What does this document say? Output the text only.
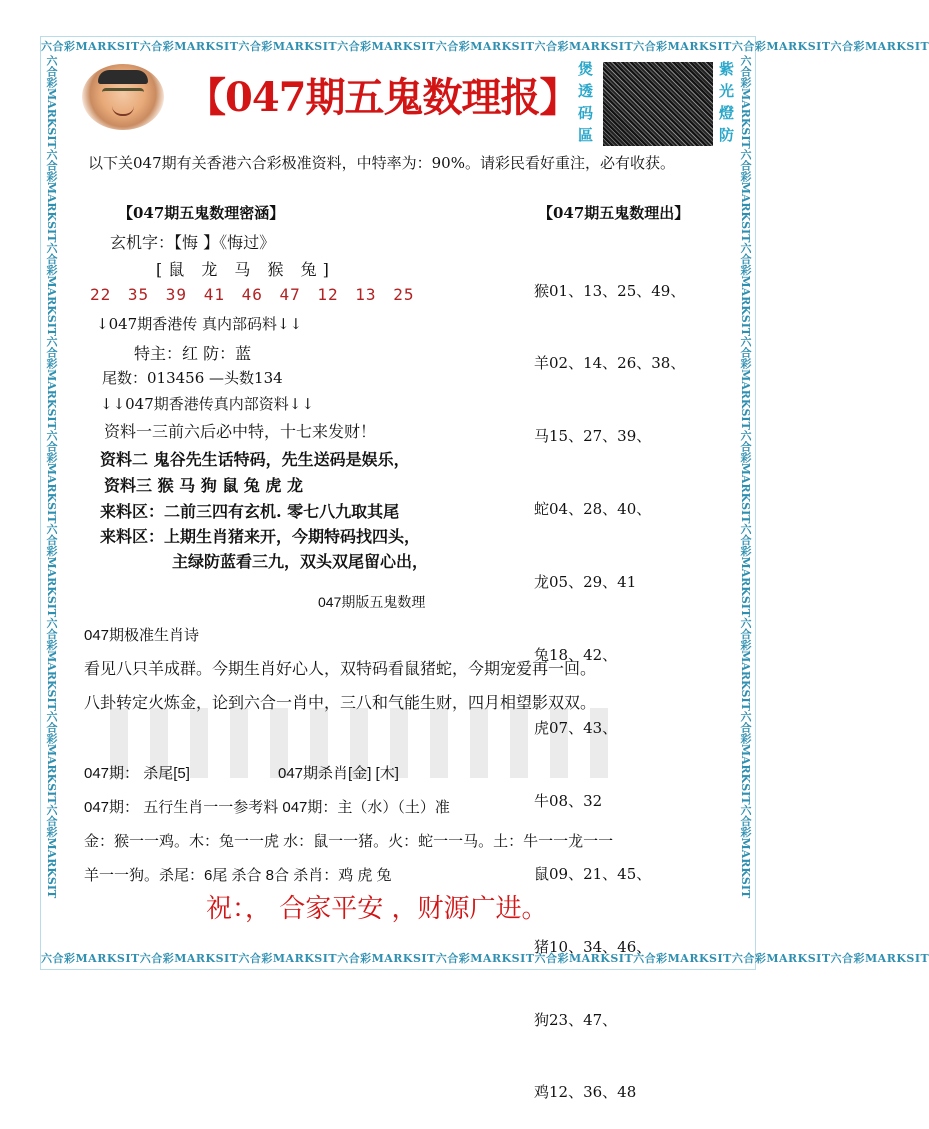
六合彩MARKSIT六合彩MARKSIT六合彩MARKSIT六合彩MARKSIT六合彩MARKSIT六合彩MARKSIT六合彩MARKSIT六合彩MARKSIT六合彩MARKSIT
六合彩MARKSIT六合彩MARKSIT六合彩MARKSIT六合彩MARKSIT六合彩MARKSIT六合彩MARKSIT六合彩MARKSIT六合彩MARKSIT六合彩MARKSIT
六合彩MARKSIT六合彩MARKSIT六合彩MARKSIT六合彩MARKSIT六合彩MARKSIT六合彩MARKSIT六合彩MARKSIT六合彩MARKSIT六合彩MARKSIT	六合彩MARKSIT六合彩MARKSIT六合彩MARKSIT六合彩MARKSIT六合彩MARKSIT六合彩MARKSIT六合彩MARKSIT六合彩MARKSIT六合彩MARKSIT
【047期五鬼数理报】
煲透码區
紫光燈防
以下关047期有关香港六合彩极准资料，中特率为：90%。请彩民看好重注，必有收获。
【047期五鬼数理密涵】	【047期五鬼数理出】
玄机字：【悔 】《悔过》
[鼠 龙 马 猴 兔]
22 35 39 41 46 47 12 13 25
↓047期香港传 真内部码料↓↓
特主：红 防：蓝
尾数：013456 —头数134
↓↓047期香港传真内部资料↓↓
资料一三前六后必中特，十七来发财！
资料二 鬼谷先生话特码，先生送码是娱乐，
资料三 猴 马 狗 鼠 兔 虎 龙
来料区：二前三四有玄机. 零七八九取其尾
来料区：上期生肖猪来开，今期特码找四头，
主绿防蓝看三九，双头双尾留心出，

猴01、13、25、49、

羊02、14、26、38、

马15、27、39、

蛇04、28、40、

龙05、29、41

兔18、42、

虎07、43、

牛08、32

鼠09、21、45、

猪10、34、46、

狗23、47、

鸡12、36、48

047期版五鬼数理
047期极准生肖诗
看见八只羊成群。今期生肖好心人，双特码看鼠猪蛇，今期宠爱再一回。
八卦转定火炼金，论到六合一肖中，三八和气能生财，四月相望影双双。
047期： 杀尾[5]	047期杀肖[金] [木]
047期： 五行生肖一一参考料 047期：主（水）（土）准
金：猴一一鸡。木：兔一一虎 水：鼠一一猪。火：蛇一一马。土：牛一一龙一一
羊一一狗。杀尾：6尾 杀合 8合 杀肖：鸡 虎 兔
祝：， 合家平安 ，财源广进。
